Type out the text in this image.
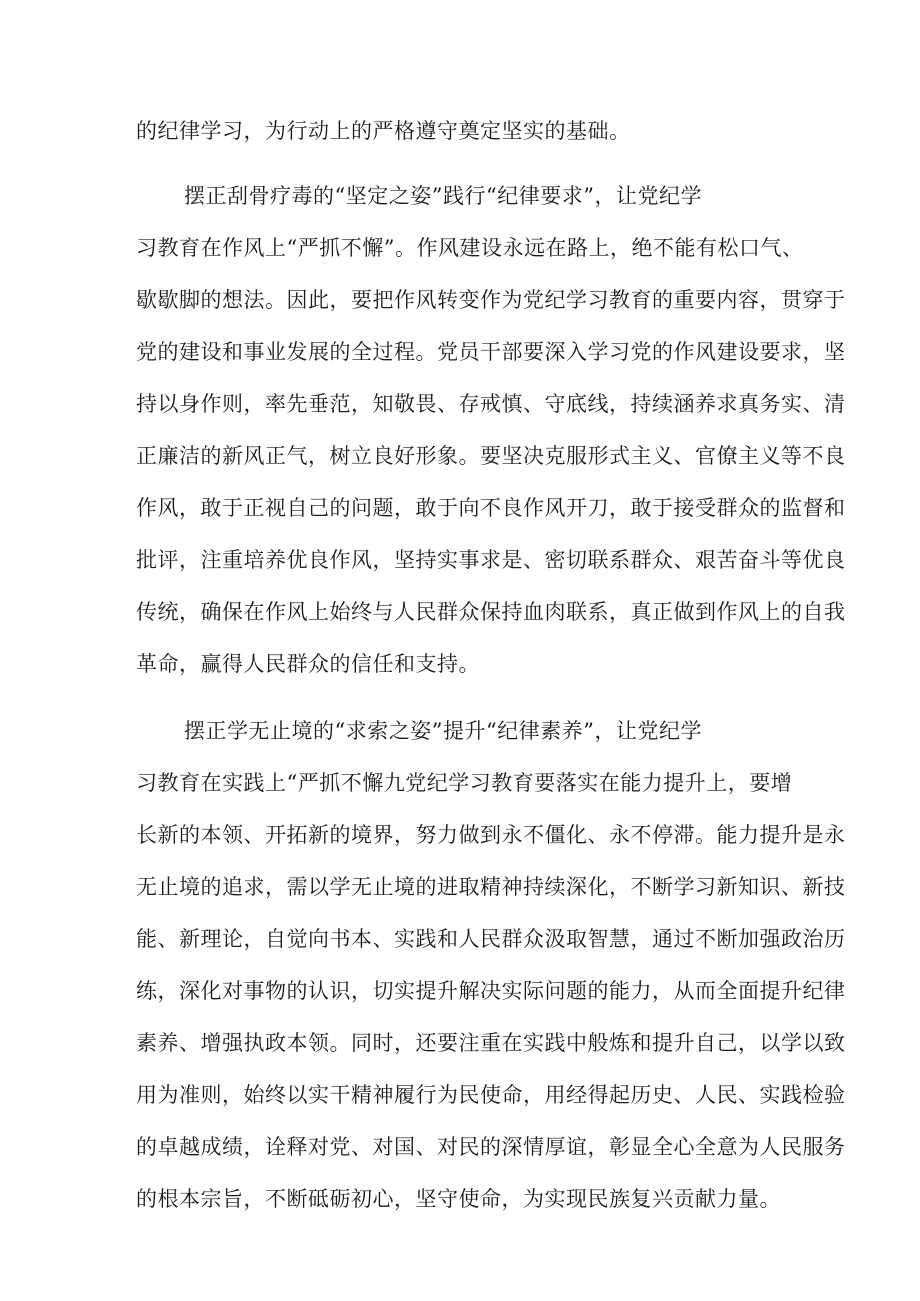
的纪律学习，为行动上的严格遵守奠定坚实的基础。

摆正刮骨疗毒的“坚定之姿”践行“纪律要求”，让党纪学

习教育在作风上“严抓不懈”。作风建设永远在路上，绝不能有松口气、

歇歇脚的想法。因此，要把作风转变作为党纪学习教育的重要内容，贯穿于

党的建设和事业发展的全过程。党员干部要深入学习党的作风建设要求，坚

持以身作则，率先垂范，知敬畏、存戒慎、守底线，持续涵养求真务实、清

正廉洁的新风正气，树立良好形象。要坚决克服形式主义、官僚主义等不良

作风，敢于正视自己的问题，敢于向不良作风开刀，敢于接受群众的监督和

批评，注重培养优良作风，坚持实事求是、密切联系群众、艰苦奋斗等优良

传统，确保在作风上始终与人民群众保持血肉联系，真正做到作风上的自我

革命，赢得人民群众的信任和支持。

摆正学无止境的“求索之姿”提升“纪律素养”，让党纪学

习教育在实践上“严抓不懈九党纪学习教育要落实在能力提升上，要增

长新的本领、开拓新的境界，努力做到永不僵化、永不停滞。能力提升是永

无止境的追求，需以学无止境的进取精神持续深化，不断学习新知识、新技

能、新理论，自觉向书本、实践和人民群众汲取智慧，通过不断加强政治历

练，深化对事物的认识，切实提升解决实际问题的能力，从而全面提升纪律

素养、增强执政本领。同时，还要注重在实践中般炼和提升自己，以学以致

用为准则，始终以实干精神履行为民使命，用经得起历史、人民、实践检验

的卓越成绩，诠释对党、对国、对民的深情厚谊，彰显全心全意为人民服务

的根本宗旨，不断砥砺初心，坚守使命，为实现民族复兴贡献力量。
